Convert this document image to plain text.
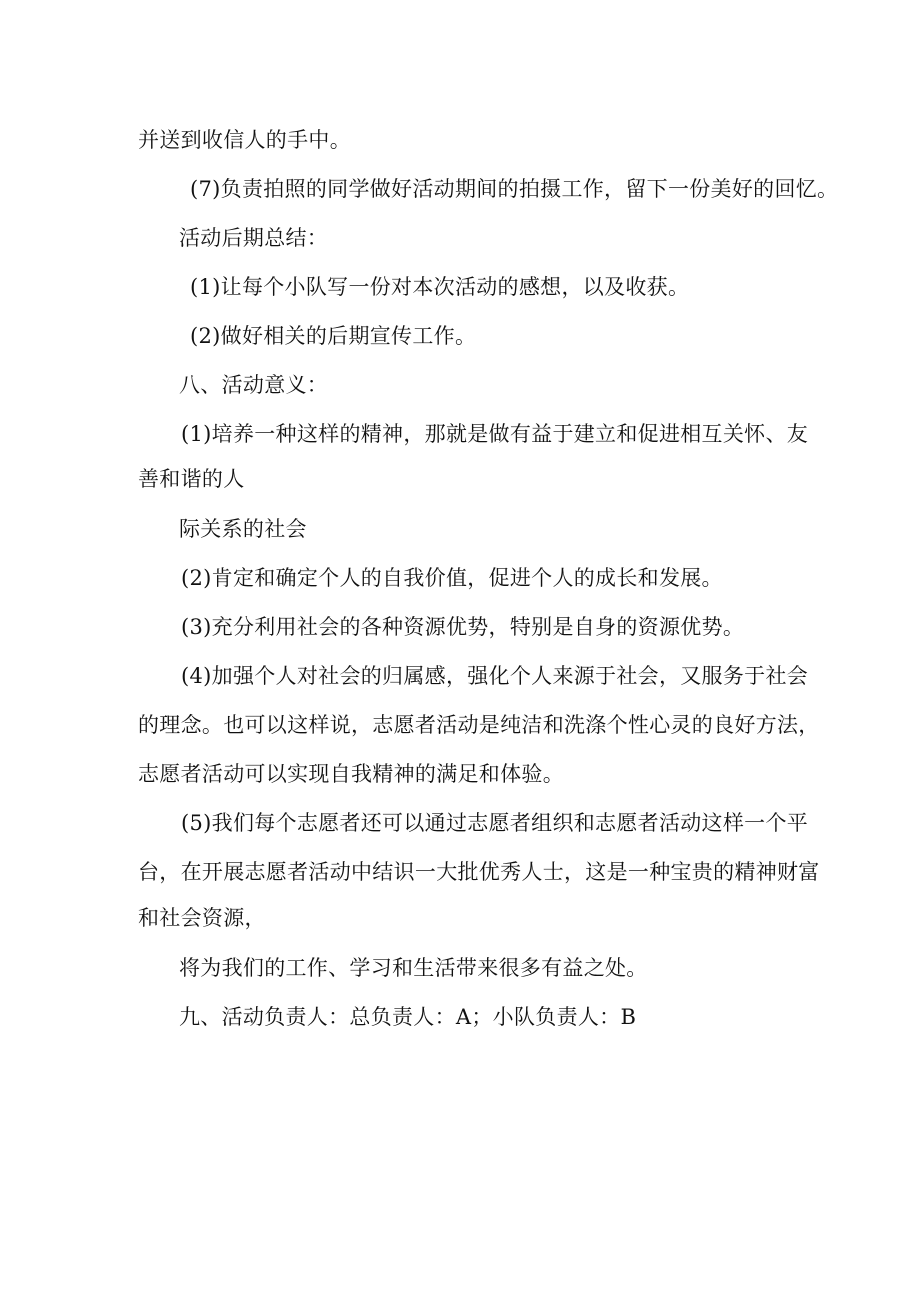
并送到收信人的手中。
(7)负责拍照的同学做好活动期间的拍摄工作，留下一份美好的回忆。
活动后期总结：
(1)让每个小队写一份对本次活动的感想，以及收获。
(2)做好相关的后期宣传工作。
八、活动意义：
(1)培养一种这样的精神，那就是做有益于建立和促进相互关怀、友
善和谐的人
际关系的社会
(2)肯定和确定个人的自我价值，促进个人的成长和发展。
(3)充分利用社会的各种资源优势，特别是自身的资源优势。
(4)加强个人对社会的归属感，强化个人来源于社会，又服务于社会
的理念。也可以这样说，志愿者活动是纯洁和洗涤个性心灵的良好方法，
志愿者活动可以实现自我精神的满足和体验。
(5)我们每个志愿者还可以通过志愿者组织和志愿者活动这样一个平
台，在开展志愿者活动中结识一大批优秀人士，这是一种宝贵的精神财富
和社会资源，
将为我们的工作、学习和生活带来很多有益之处。
九、活动负责人：总负责人：A；小队负责人：B
